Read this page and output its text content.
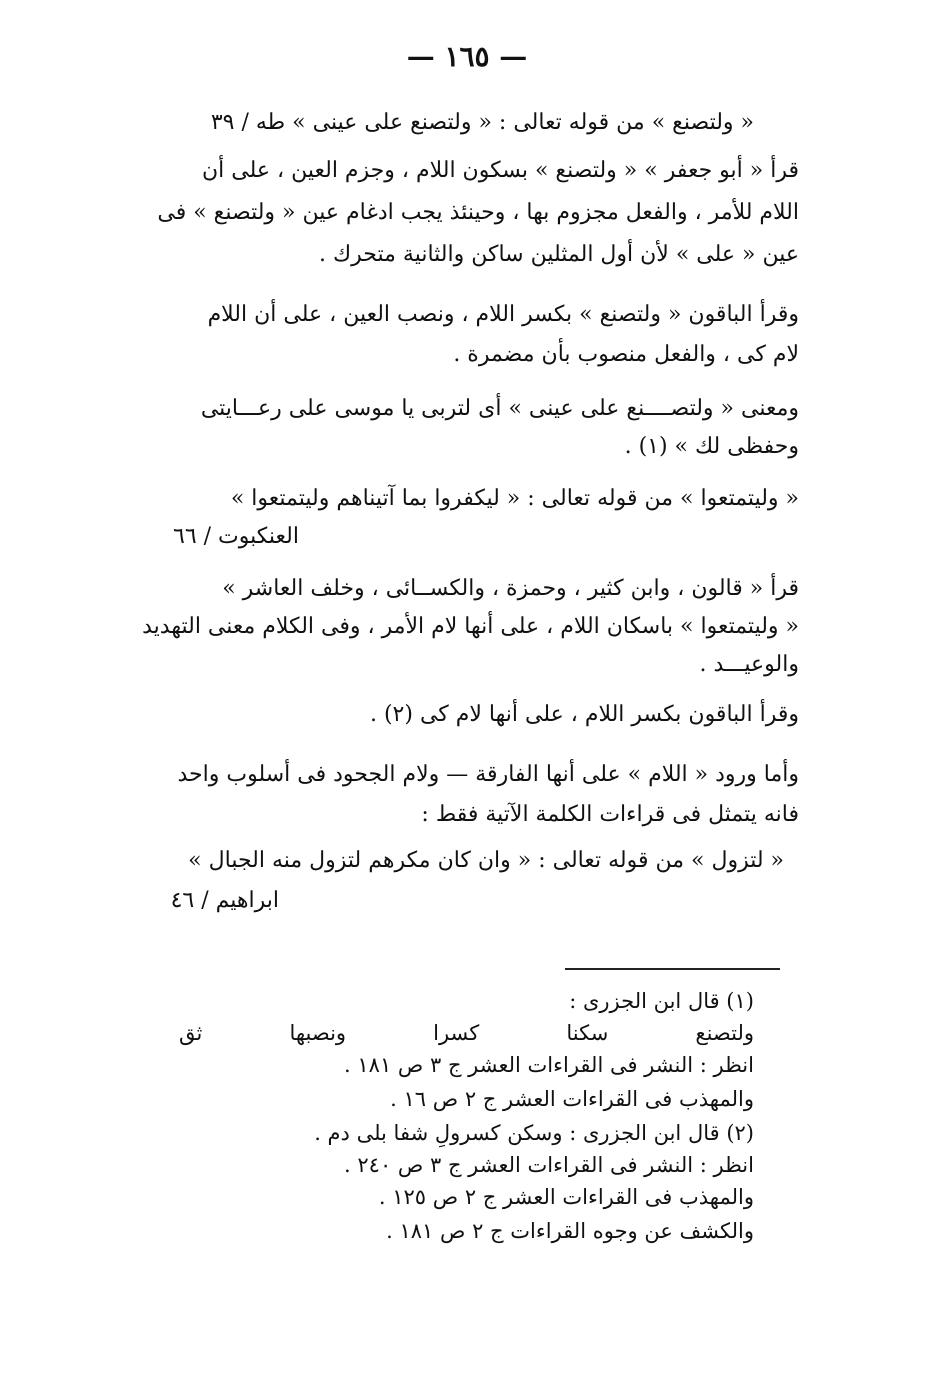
— ١٦٥ —
« ولتصنع » من قوله تعالى : « ولتصنع على عينى » طه / ٣٩
قرأ « أبو جعفر » « ولتصنع » بسكون اللام ، وجزم العين ، على أن
اللام للأمر ، والفعل مجزوم بها ، وحينئذ يجب ادغام عين « ولتصنع » فى
عين « على » لأن أول المثلين ساكن والثانية متحرك .
وقرأ الباقون « ولتصنع » بكسر اللام ، ونصب العين ، على أن اللام
لام كى ، والفعل منصوب بأن مضمرة .
ومعنى « ولتصــــنع على عينى » أى لتربى يا موسى على رعـــايتى
وحفظى لك » (١) .
« وليتمتعوا » من قوله تعالى : « ليكفروا بما آتيناهم وليتمتعوا »
العنكبوت / ٦٦
قرأ « قالون ، وابن كثير ، وحمزة ، والكســائى ، وخلف العاشر »
« وليتمتعوا » باسكان اللام ، على أنها لام الأمر ، وفى الكلام معنى التهديد
والوعيـــد .
وقرأ الباقون بكسر اللام ، على أنها لام كى (٢) .
وأما ورود « اللام » على أنها الفارقة — ولام الجحود فى أسلوب واحد
فانه يتمثل فى قراءات الكلمة الآتية فقط :
« لتزول » من قوله تعالى : « وان كان مكرهم لتزول منه الجبال »
ابراهيم / ٤٦
(١) قال ابن الجزرى :
ولتصنع
سكنا
كسرا
ونصبها
ثق
انظر : النشر فى القراءات العشر ج ٣ ص ١٨١ .
والمهذب فى القراءات العشر ج ٢ ص ١٦ .
(٢) قال ابن الجزرى : وسكن كسرولِ شفا بلى دم .
انظر : النشر فى القراءات العشر ج ٣ ص ٢٤٠ .
والمهذب فى القراءات العشر ج ٢ ص ١٢٥ .
والكشف عن وجوه القراءات ج ٢ ص ١٨١ .
